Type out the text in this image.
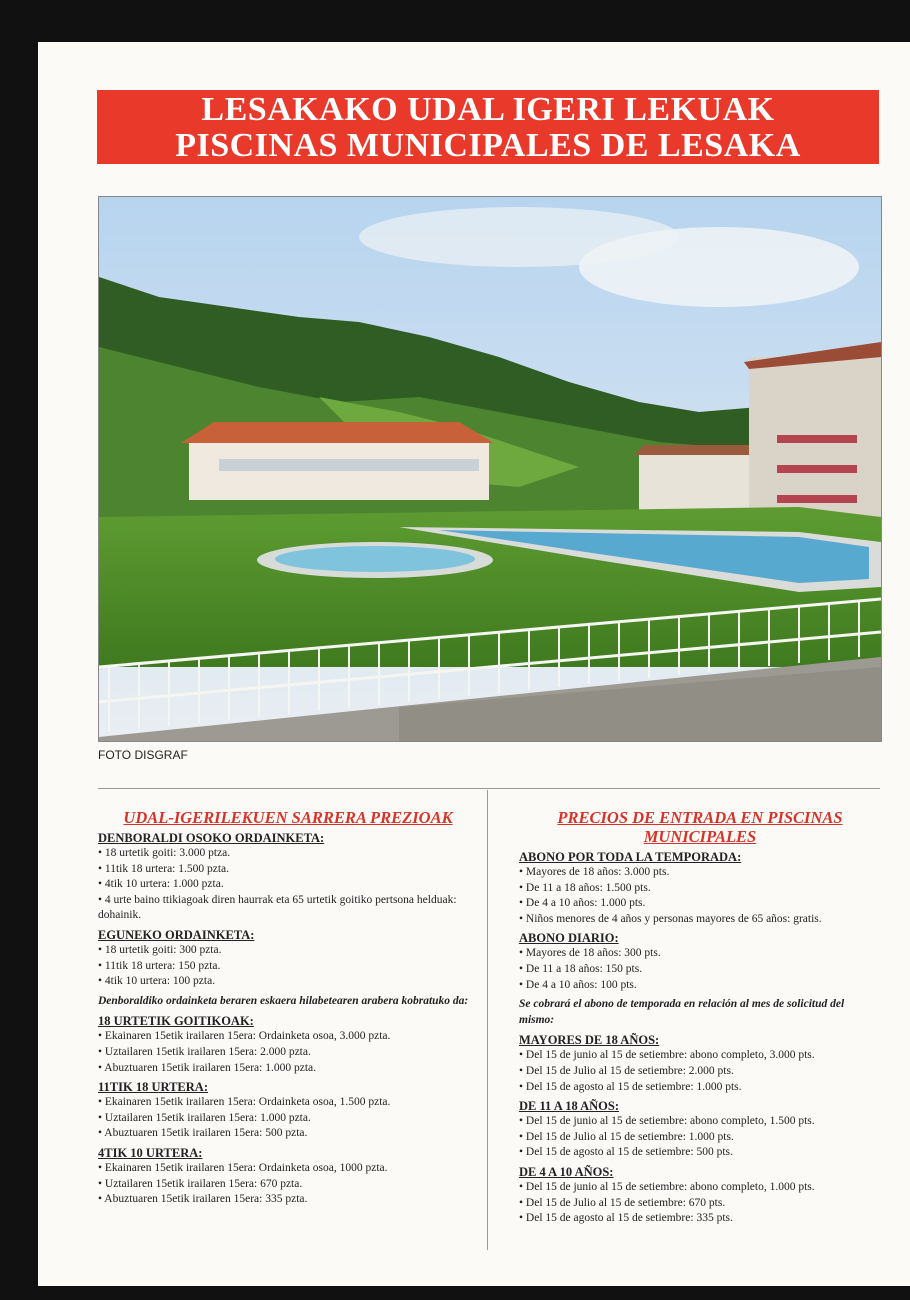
LESAKAKO UDAL IGERI LEKUAK
PISCINAS MUNICIPALES DE LESAKA
FOTO DISGRAF
UDAL-IGERILEKUEN SARRERA PREZIOAK
DENBORALDI OSOKO ORDAINKETA:
• 18 urtetik goiti: 3.000 ptza.
• 11tik 18 urtera: 1.500 pzta.
• 4tik 10 urtera: 1.000 pzta.
• 4 urte baino ttikiagoak diren haurrak eta 65 urtetik goitiko pertsona helduak: dohainik.
EGUNEKO ORDAINKETA:
• 18 urtetik goiti: 300 pzta.
• 11tik 18 urtera: 150 pzta.
• 4tik 10 urtera: 100 pzta.
Denboraldiko ordainketa beraren eskaera hilabetearen arabera kobratuko da:
18 URTETIK GOITIKOAK:
• Ekainaren 15etik irailaren 15era: Ordainketa osoa, 3.000 pzta.
• Uztailaren 15etik irailaren 15era: 2.000 pzta.
• Abuztuaren 15etik irailaren 15era: 1.000 pzta.
11TIK 18 URTERA:
• Ekainaren 15etik irailaren 15era: Ordainketa osoa, 1.500 pzta.
• Uztailaren 15etik irailaren 15era: 1.000 pzta.
• Abuztuaren 15etik irailaren 15era: 500 pzta.
4TIK 10 URTERA:
• Ekainaren 15etik irailaren 15era: Ordainketa osoa, 1000 pzta.
• Uztailaren 15etik irailaren 15era: 670 pzta.
• Abuztuaren 15etik irailaren 15era: 335 pzta.
PRECIOS DE ENTRADA EN PISCINAS MUNICIPALES
ABONO POR TODA LA TEMPORADA:
• Mayores de 18 años: 3.000 pts.
• De 11 a 18 años: 1.500 pts.
• De 4 a 10 años: 1.000 pts.
• Niños menores de 4 años y personas mayores de 65 años: gratis.
ABONO DIARIO:
• Mayores de 18 años: 300 pts.
• De 11 a 18 años: 150 pts.
• De 4 a 10 años: 100 pts.
Se cobrará el abono de temporada en relación al mes de solicitud del mismo:
MAYORES DE 18 AÑOS:
• Del 15 de junio al 15 de setiembre: abono completo, 3.000 pts.
• Del 15 de Julio al 15 de setiembre: 2.000 pts.
• Del 15 de agosto al 15 de setiembre: 1.000 pts.
DE 11 A 18 AÑOS:
• Del 15 de junio al 15 de setiembre: abono completo, 1.500 pts.
• Del 15 de Julio al 15 de setiembre: 1.000 pts.
• Del 15 de agosto al 15 de setiembre: 500 pts.
DE 4 A 10 AÑOS:
• Del 15 de junio al 15 de setiembre: abono completo, 1.000 pts.
• Del 15 de Julio al 15 de setiembre: 670 pts.
• Del 15 de agosto al 15 de setiembre: 335 pts.
